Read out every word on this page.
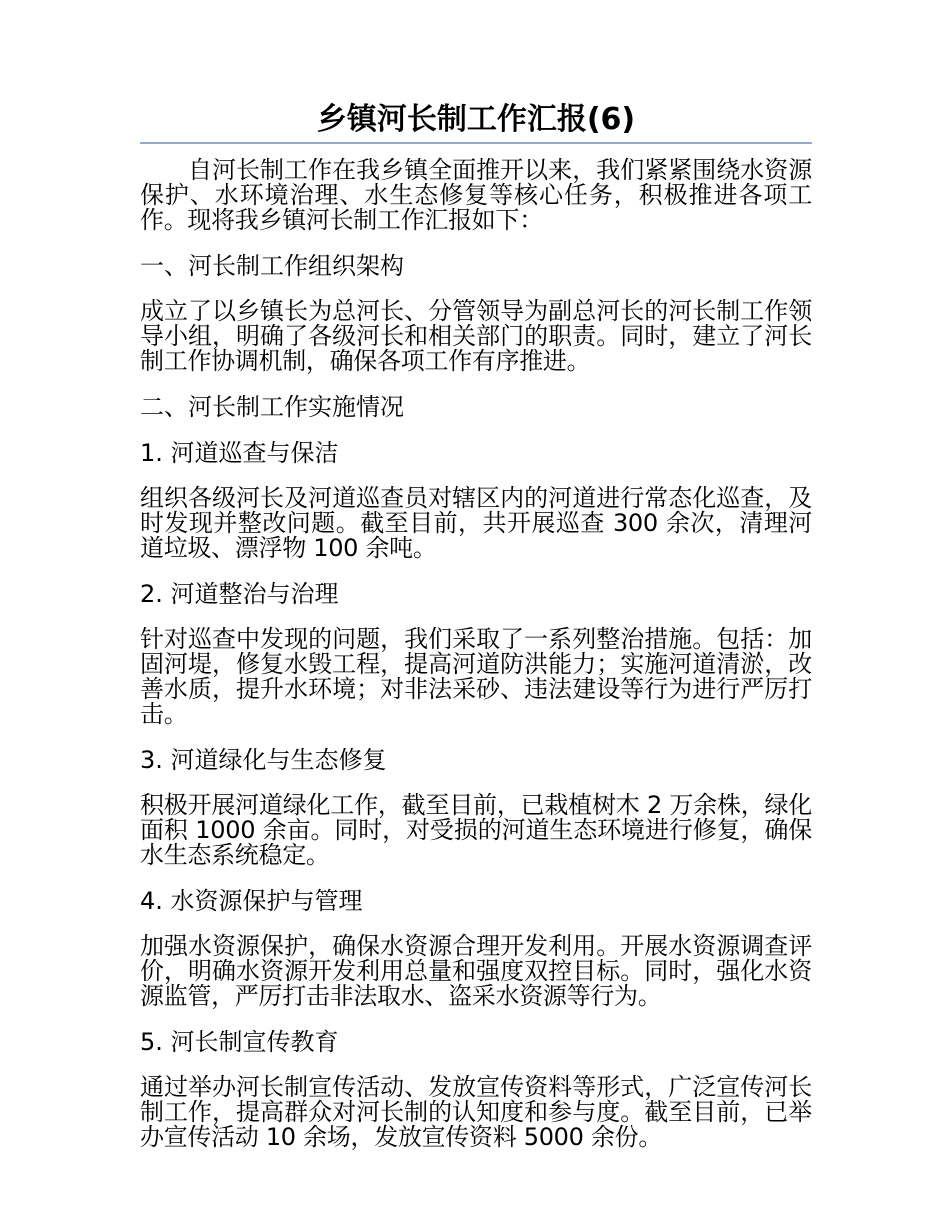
乡镇河长制工作汇报(6)

自河长制工作在我乡镇全面推开以来，我们紧紧围绕水资源保护、水环境治理、水生态修复等核心任务，积极推进各项工作。现将我乡镇河长制工作汇报如下：

一、河长制工作组织架构

成立了以乡镇长为总河长、分管领导为副总河长的河长制工作领导小组，明确了各级河长和相关部门的职责。同时，建立了河长制工作协调机制，确保各项工作有序推进。

二、河长制工作实施情况

1. 河道巡查与保洁

组织各级河长及河道巡查员对辖区内的河道进行常态化巡查，及时发现并整改问题。截至目前，共开展巡查 300 余次，清理河道垃圾、漂浮物 100 余吨。

2. 河道整治与治理

针对巡查中发现的问题，我们采取了一系列整治措施。包括：加固河堤，修复水毁工程，提高河道防洪能力；实施河道清淤，改善水质，提升水环境；对非法采砂、违法建设等行为进行严厉打击。

3. 河道绿化与生态修复

积极开展河道绿化工作，截至目前，已栽植树木 2 万余株，绿化面积 1000 余亩。同时，对受损的河道生态环境进行修复，确保水生态系统稳定。

4. 水资源保护与管理

加强水资源保护，确保水资源合理开发利用。开展水资源调查评价，明确水资源开发利用总量和强度双控目标。同时，强化水资源监管，严厉打击非法取水、盗采水资源等行为。

5. 河长制宣传教育

通过举办河长制宣传活动、发放宣传资料等形式，广泛宣传河长制工作，提高群众对河长制的认知度和参与度。截至目前，已举办宣传活动 10 余场，发放宣传资料 5000 余份。
